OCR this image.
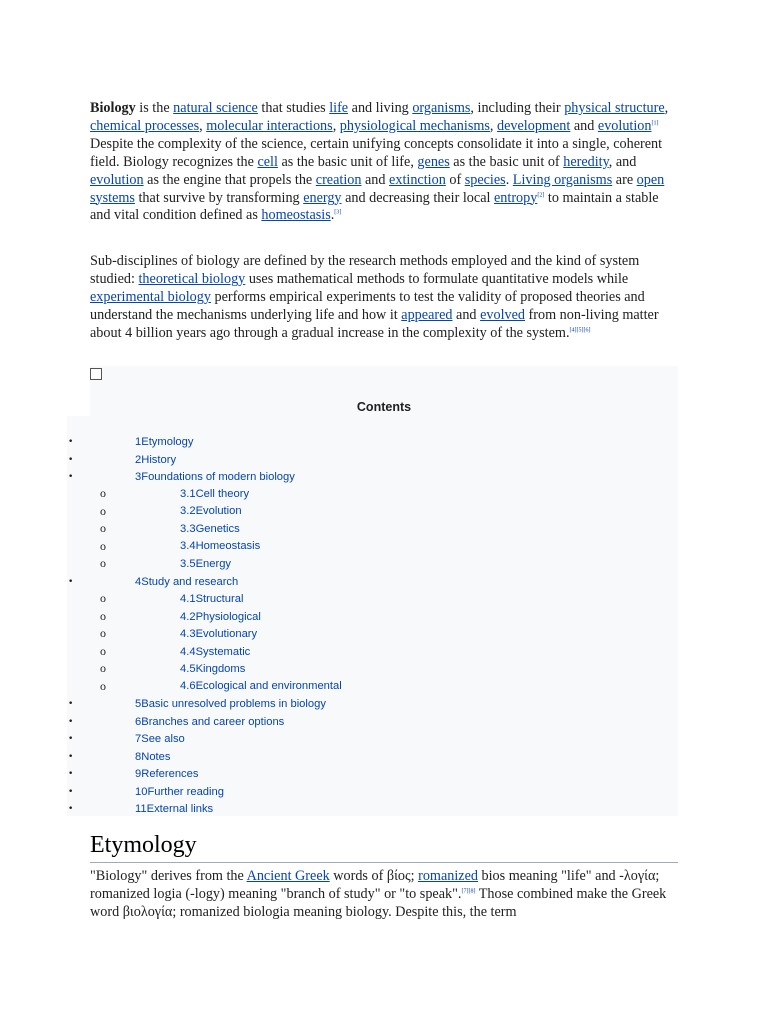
Biology is the natural science that studies life and living organisms, including their physical structure, chemical processes, molecular interactions, physiological mechanisms, development and evolution[1] Despite the complexity of the science, certain unifying concepts consolidate it into a single, coherent field. Biology recognizes the cell as the basic unit of life, genes as the basic unit of heredity, and evolution as the engine that propels the creation and extinction of species. Living organisms are open systems that survive by transforming energy and decreasing their local entropy[2] to maintain a stable and vital condition defined as homeostasis.[3]

Sub-disciplines of biology are defined by the research methods employed and the kind of system studied: theoretical biology uses mathematical methods to formulate quantitative models while experimental biology performs empirical experiments to test the validity of proposed theories and understand the mechanisms underlying life and how it appeared and evolved from non-living matter about 4 billion years ago through a gradual increase in the complexity of the system.[4][5][6]

Contents
•	1Etymology
•	2History
•	3Foundations of modern biology
o	3.1Cell theory
o	3.2Evolution
o	3.3Genetics
o	3.4Homeostasis
o	3.5Energy
•	4Study and research
o	4.1Structural
o	4.2Physiological
o	4.3Evolutionary
o	4.4Systematic
o	4.5Kingdoms
o	4.6Ecological and environmental
•	5Basic unresolved problems in biology
•	6Branches and career options
•	7See also
•	8Notes
•	9References
•	10Further reading
•	11External links
Etymology

"Biology" derives from the Ancient Greek words of βίος; romanized bios meaning "life" and -λογία; romanized logia (-logy) meaning "branch of study" or "to speak".[7][8] Those combined make the Greek word βιολογία; romanized biologia meaning biology. Despite this, the term
